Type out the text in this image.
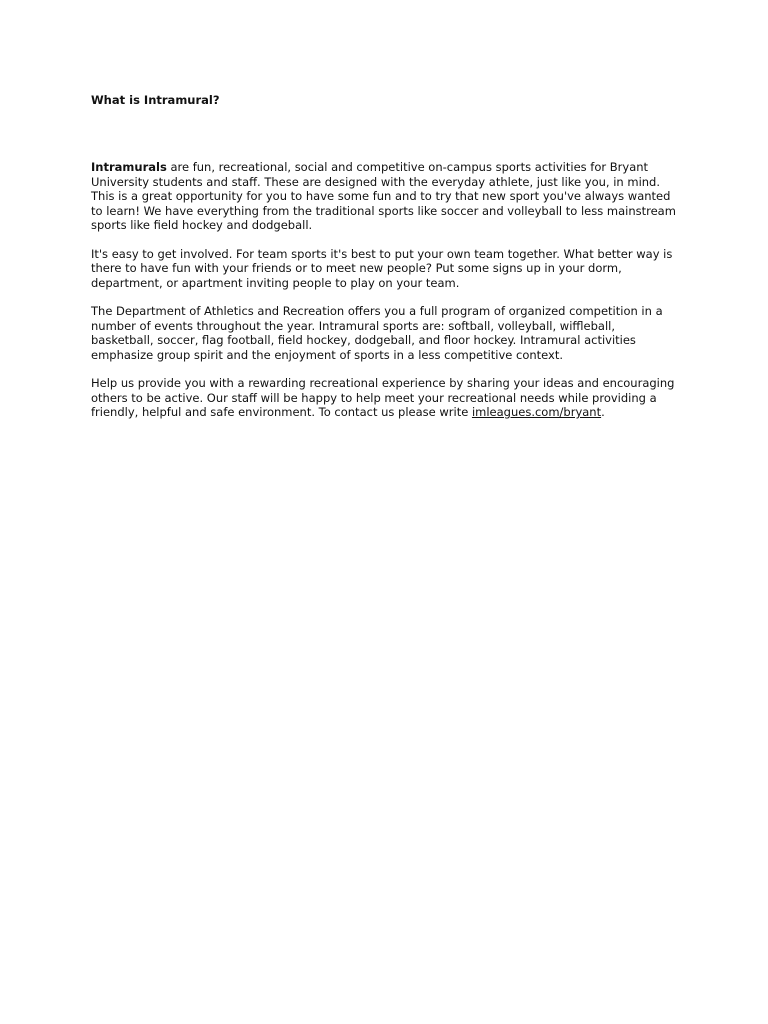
What is Intramural?

Intramurals are fun, recreational, social and competitive on-campus sports activities for Bryant University students and staff. These are designed with the everyday athlete, just like you, in mind. This is a great opportunity for you to have some fun and to try that new sport you've always wanted to learn! We have everything from the traditional sports like soccer and volleyball to less mainstream sports like field hockey and dodgeball.

It's easy to get involved. For team sports it's best to put your own team together. What better way is there to have fun with your friends or to meet new people? Put some signs up in your dorm, department, or apartment inviting people to play on your team.

The Department of Athletics and Recreation offers you a full program of organized competition in a number of events throughout the year. Intramural sports are: softball, volleyball, wiffleball, basketball, soccer, flag football, field hockey, dodgeball, and floor hockey. Intramural activities emphasize group spirit and the enjoyment of sports in a less competitive context.

Help us provide you with a rewarding recreational experience by sharing your ideas and encouraging others to be active. Our staff will be happy to help meet your recreational needs while providing a friendly, helpful and safe environment. To contact us please write imleagues.com/bryant.
